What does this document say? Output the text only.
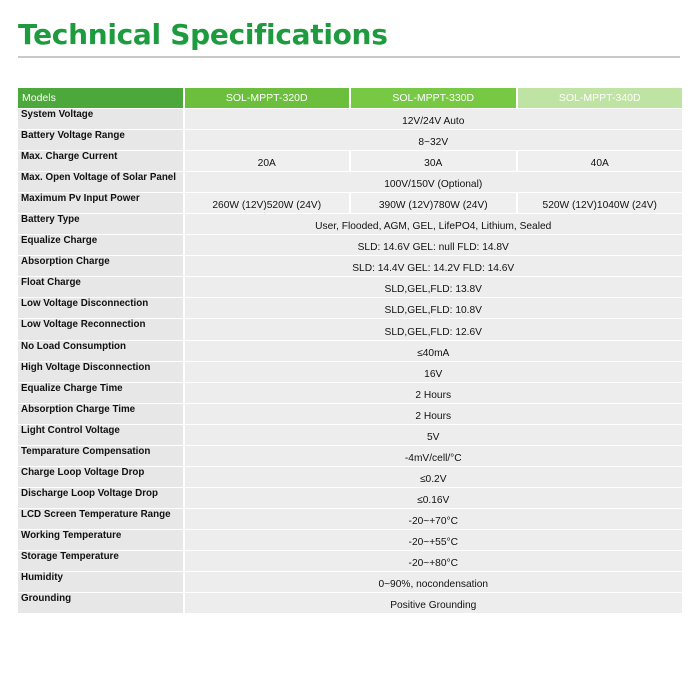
Technical Specifications
Models	SOL-MPPT-320D	SOL-MPPT-330D	SOL-MPPT-340D
System Voltage	12V/24V Auto		
Battery Voltage Range	8~32V		
Max. Charge Current	20A	30A	40A
Max. Open Voltage of Solar Panel	100V/150V (Optional)		
Maximum Pv Input Power	260W (12V)520W (24V)	390W (12V)780W (24V)	520W (12V)1040W (24V)
Battery Type	User, Flooded, AGM, GEL, LifePO4, Lithium, Sealed		
Equalize Charge	SLD: 14.6V GEL: null FLD: 14.8V		
Absorption Charge	SLD: 14.4V GEL: 14.2V FLD: 14.6V		
Float Charge	SLD,GEL,FLD: 13.8V		
Low Voltage Disconnection	SLD,GEL,FLD: 10.8V		
Low Voltage Reconnection	SLD,GEL,FLD: 12.6V		
No Load Consumption	≤40mA		
High Voltage Disconnection	16V		
Equalize Charge Time	2 Hours		
Absorption Charge Time	2 Hours		
Light Control Voltage	5V		
Temparature Compensation	-4mV/cell/°C		
Charge Loop Voltage Drop	≤0.2V		
Discharge Loop Voltage Drop	≤0.16V		
LCD Screen Temperature Range	-20~+70°C		
Working Temperature	-20~+55°C		
Storage Temperature	-20~+80°C		
Humidity	0~90%, nocondensation		
Grounding	Positive Grounding		
